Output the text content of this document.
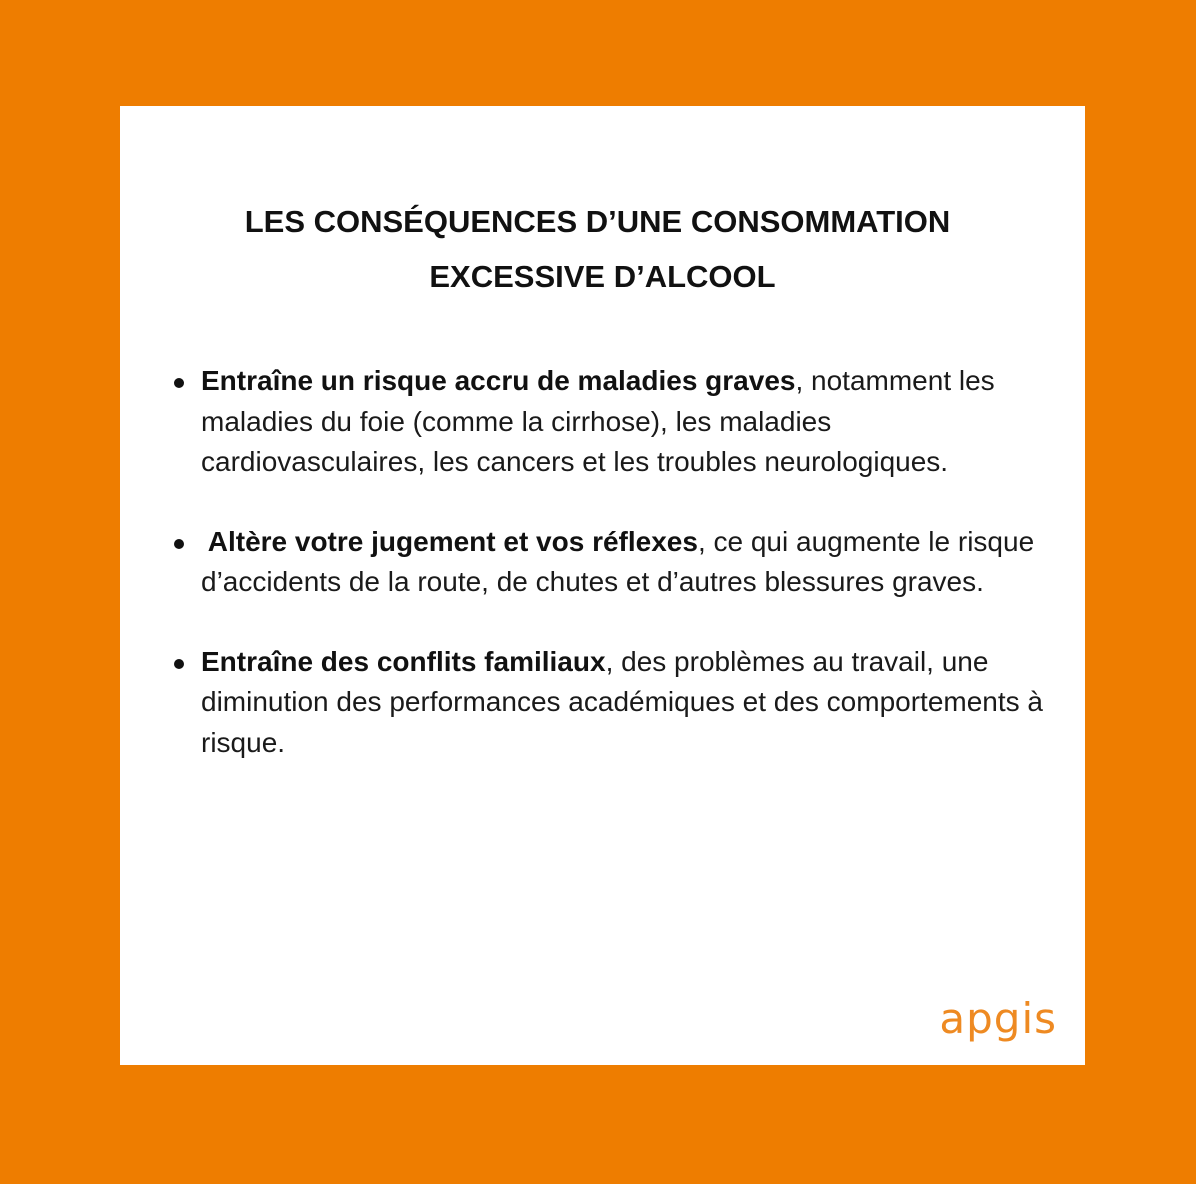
LES CONSÉQUENCES D’UNE CONSOMMATION
EXCESSIVE D’ALCOOL
Entraîne un risque accru de maladies graves, notamment les maladies du foie (comme la cirrhose), les maladies cardiovasculaires, les cancers et les troubles neurologiques.
Altère votre jugement et vos réflexes, ce qui augmente le risque d’accidents de la route, de chutes et d’autres blessures graves.
Entraîne des conflits familiaux, des problèmes au travail, une diminution des performances académiques et des comportements à risque.
apgis
